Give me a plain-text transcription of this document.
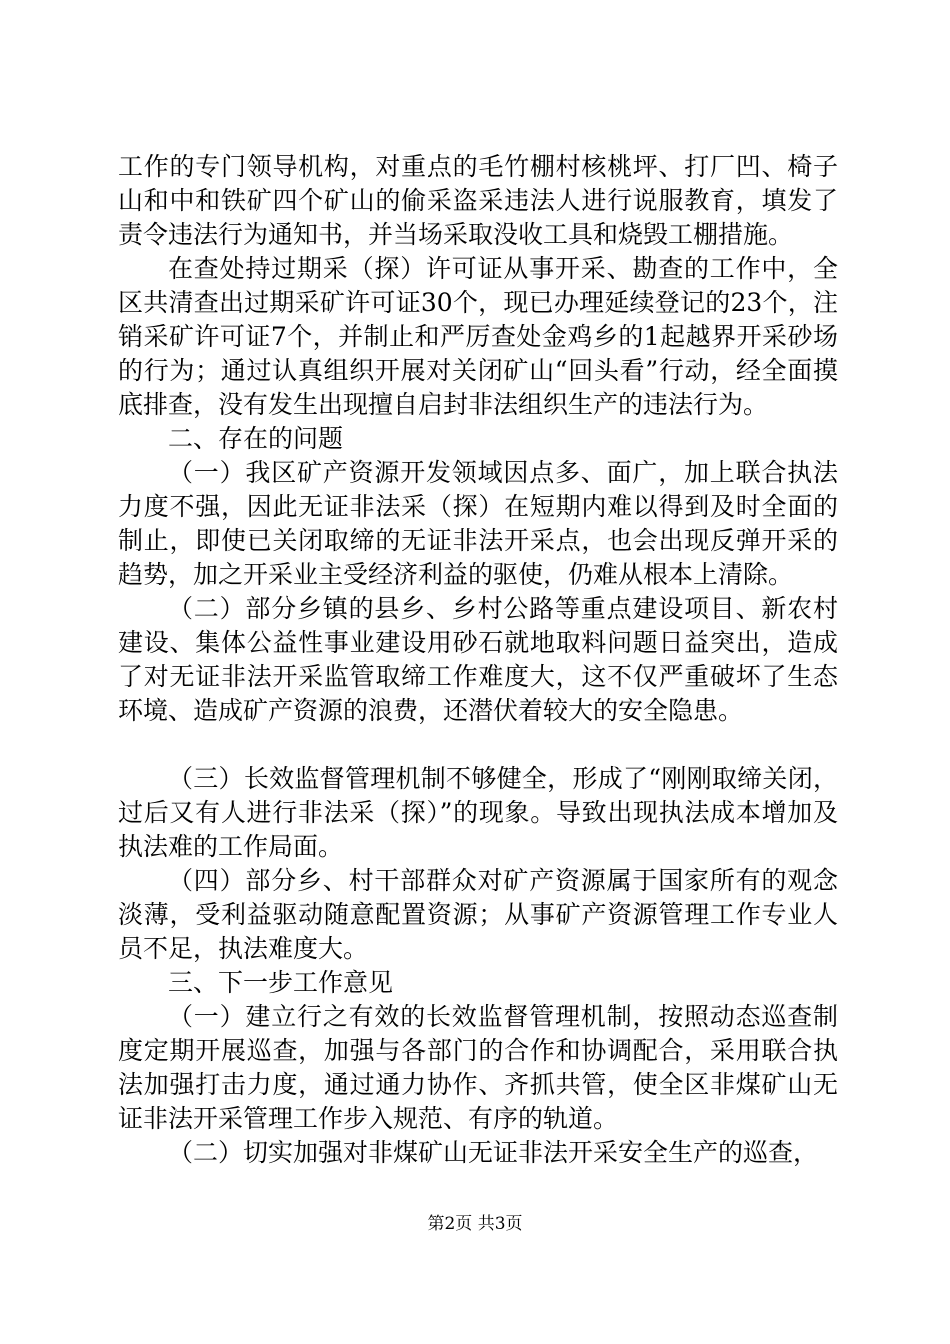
工作的专门领导机构，对重点的毛竹棚村核桃坪、打厂凹、椅子山和中和铁矿四个矿山的偷采盗采违法人进行说服教育，填发了责令违法行为通知书，并当场采取没收工具和烧毁工棚措施。

在查处持过期采（探）许可证从事开采、勘查的工作中，全区共清查出过期采矿许可证30个，现已办理延续登记的23个，注销采矿许可证7个，并制止和严厉查处金鸡乡的1起越界开采砂场的行为；通过认真组织开展对关闭矿山“回头看”行动，经全面摸底排查，没有发生出现擅自启封非法组织生产的违法行为。

二、存在的问题

（一）我区矿产资源开发领域因点多、面广，加上联合执法力度不强，因此无证非法采（探）在短期内难以得到及时全面的制止，即使已关闭取缔的无证非法开采点，也会出现反弹开采的趋势，加之开采业主受经济利益的驱使，仍难从根本上清除。

（二）部分乡镇的县乡、乡村公路等重点建设项目、新农村建设、集体公益性事业建设用砂石就地取料问题日益突出，造成了对无证非法开采监管取缔工作难度大，这不仅严重破坏了生态环境、造成矿产资源的浪费，还潜伏着较大的安全隐患。

（三）长效监督管理机制不够健全，形成了“刚刚取缔关闭，过后又有人进行非法采（探）”的现象。导致出现执法成本增加及执法难的工作局面。

（四）部分乡、村干部群众对矿产资源属于国家所有的观念淡薄，受利益驱动随意配置资源；从事矿产资源管理工作专业人员不足，执法难度大。

三、下一步工作意见

（一）建立行之有效的长效监督管理机制，按照动态巡查制度定期开展巡查，加强与各部门的合作和协调配合，采用联合执法加强打击力度，通过通力协作、齐抓共管，使全区非煤矿山无证非法开采管理工作步入规范、有序的轨道。

（二）切实加强对非煤矿山无证非法开采安全生产的巡查，

第2页 共3页
